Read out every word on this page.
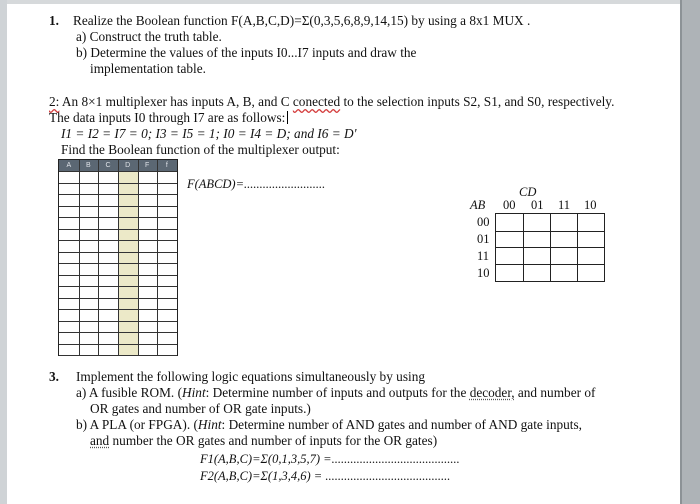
1. Realize the Boolean function F(A,B,C,D)=Σ(0,3,5,6,8,9,14,15) by using a 8x1 MUX .
a) Construct the truth table.
b) Determine the values of the inputs I0...I7 inputs and draw the
implementation table.
2: An 8×1 multiplexer has inputs A, B, and C conected to the selection inputs S2, S1, and S0, respectively.
The data inputs I0 through I7 are as follows:
I1 = I2 = I7 = 0; I3 = I5 = 1; I0 = I4 = D; and I6 = D'
Find the Boolean function of the multiplexer output:
A	B	C	D	F	f
F(ABCD)=..........................
CD
AB 00 01 11 10
00
01
11
10
3. Implement the following logic equations simultaneously by using
a) A fusible ROM. (Hint: Determine number of inputs and outputs for the decoder, and number of
OR gates and number of OR gate inputs.)
b) A PLA (or FPGA). (Hint: Determine number of AND gates and number of AND gate inputs,
and number the OR gates and number of inputs for the OR gates)
F1(A,B,C)=Σ(0,1,3,5,7) =.........................................
F2(A,B,C)=Σ(1,3,4,6) = ........................................
